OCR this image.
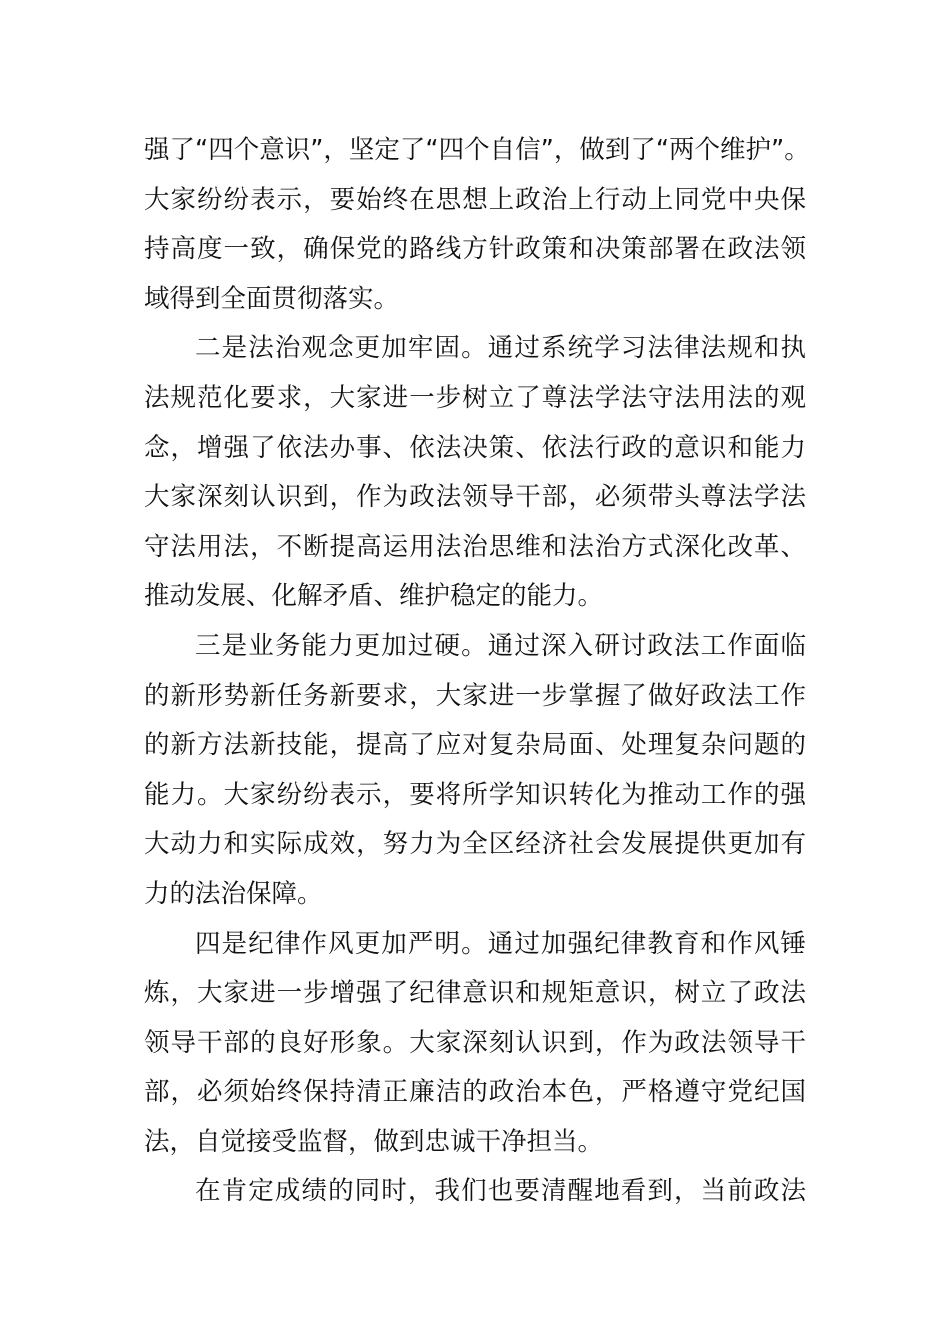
强了“四个意识”，坚定了“四个自信”，做到了“两个维护”。
大家纷纷表示，要始终在思想上政治上行动上同党中央保
持高度一致，确保党的路线方针政策和决策部署在政法领
域得到全面贯彻落实。
二是法治观念更加牢固。通过系统学习法律法规和执
法规范化要求，大家进一步树立了尊法学法守法用法的观
念，增强了依法办事、依法决策、依法行政的意识和能力
大家深刻认识到，作为政法领导干部，必须带头尊法学法
守法用法，不断提高运用法治思维和法治方式深化改革、
推动发展、化解矛盾、维护稳定的能力。
三是业务能力更加过硬。通过深入研讨政法工作面临
的新形势新任务新要求，大家进一步掌握了做好政法工作
的新方法新技能，提高了应对复杂局面、处理复杂问题的
能力。大家纷纷表示，要将所学知识转化为推动工作的强
大动力和实际成效，努力为全区经济社会发展提供更加有
力的法治保障。
四是纪律作风更加严明。通过加强纪律教育和作风锤
炼，大家进一步增强了纪律意识和规矩意识，树立了政法
领导干部的良好形象。大家深刻认识到，作为政法领导干
部，必须始终保持清正廉洁的政治本色，严格遵守党纪国
法，自觉接受监督，做到忠诚干净担当。
在肯定成绩的同时，我们也要清醒地看到，当前政法
